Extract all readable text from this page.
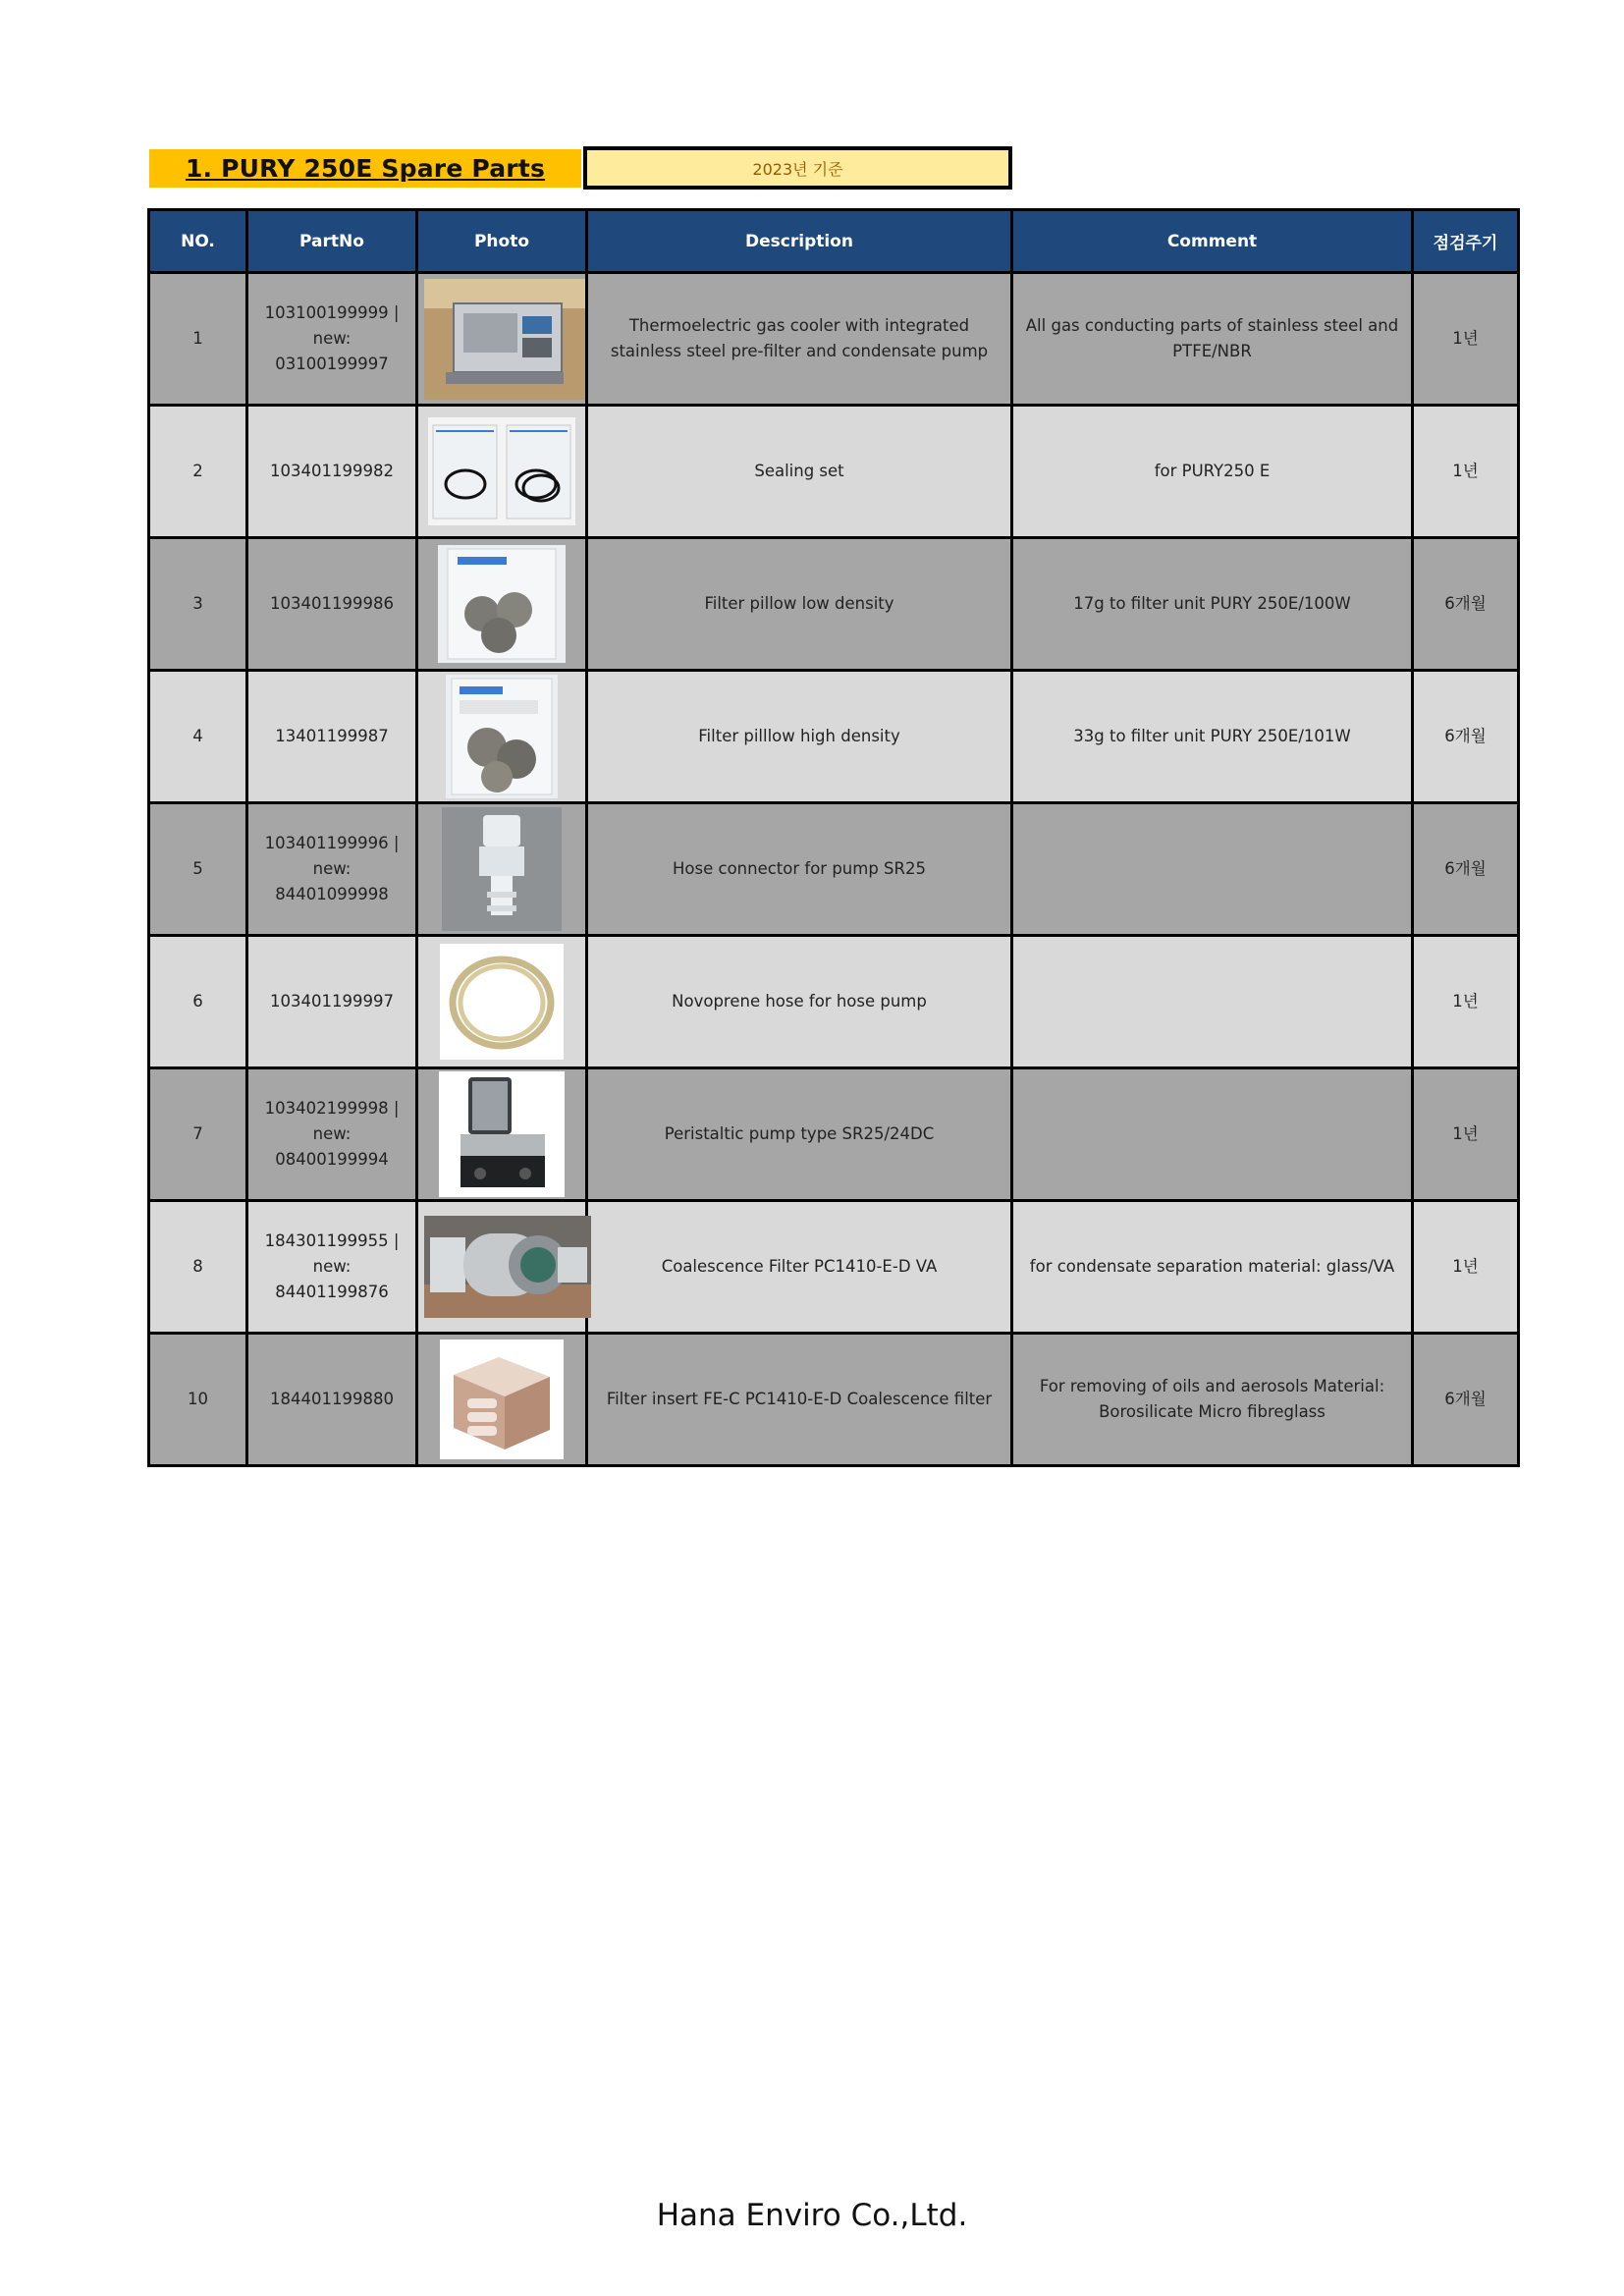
1. PURY 250E Spare Parts	2023년 기준
NO.	PartNo	Photo	Description	Comment	점검주기
1	103100199999 | new: 03100199997		Thermoelectric gas cooler with integrated stainless steel pre-filter and condensate pump	All gas conducting parts of stainless steel and PTFE/NBR	1년
2	103401199982		Sealing set	for PURY250 E	1년
3	103401199986		Filter pillow low density	17g to filter unit PURY 250E/100W	6개월
4	13401199987		Filter pilllow high density	33g to filter unit PURY 250E/101W	6개월
5	103401199996 | new: 84401099998		Hose connector for pump SR25		6개월
6	103401199997		Novoprene hose for hose pump		1년
7	103402199998 | new: 08400199994		Peristaltic pump type SR25/24DC		1년
8	184301199955 | new: 84401199876		Coalescence Filter PC1410-E-D VA	for condensate separation material: glass/VA	1년
10	184401199880		Filter insert FE-C PC1410-E-D Coalescence filter	For removing of oils and aerosols Material: Borosilicate Micro fibreglass	6개월
Hana Enviro Co.,Ltd.
